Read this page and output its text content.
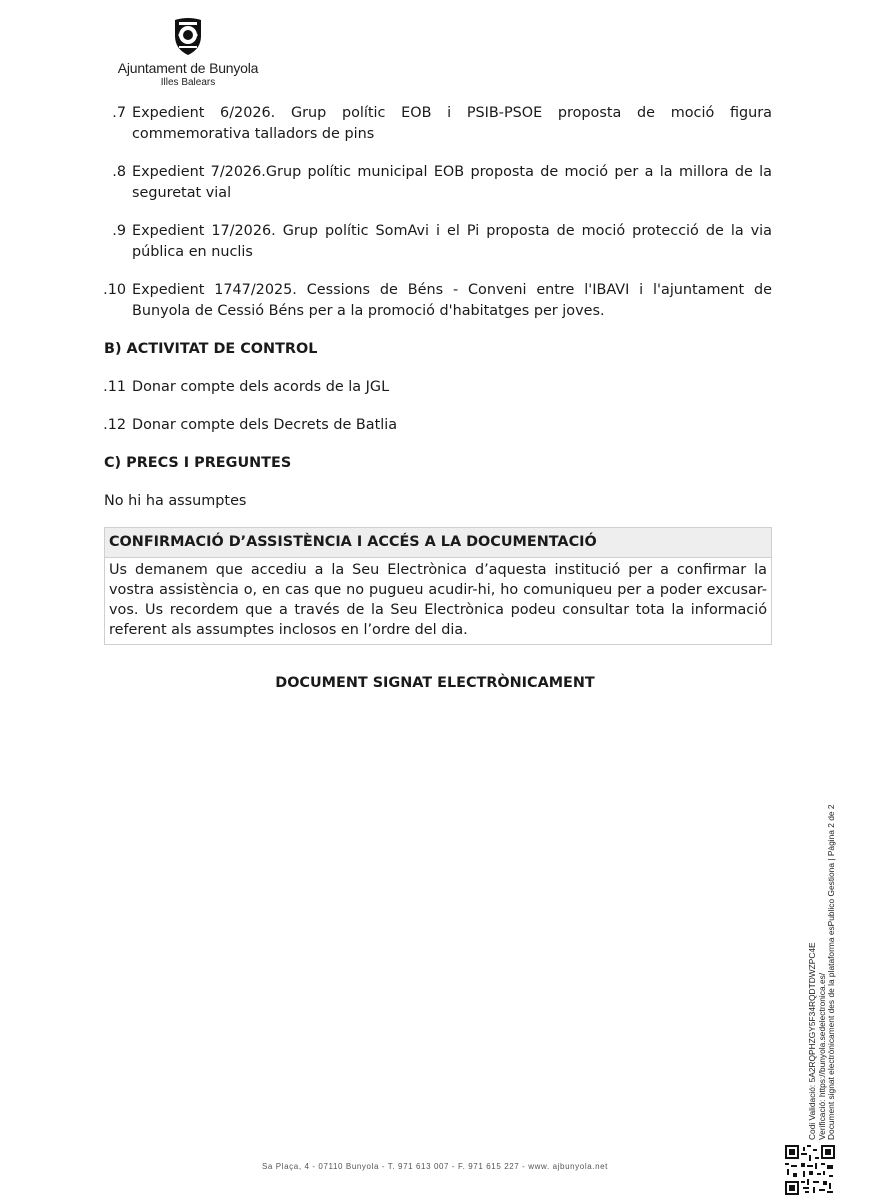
Ajuntament de Bunyola
Illes Balears
7. Expedient 6/2026. Grup polític EOB i PSIB-PSOE proposta de moció figura commemorativa talladors de pins
8. Expedient 7/2026.Grup polític municipal EOB proposta de moció per a la millora de la seguretat vial
9. Expedient 17/2026. Grup polític SomAvi i el Pi proposta de moció protecció de la via pública en nuclis
10. Expedient 1747/2025. Cessions de Béns - Conveni entre l'IBAVI i l'ajuntament de Bunyola de Cessió Béns per a la promoció d'habitatges per joves.
B) ACTIVITAT DE CONTROL
11. Donar compte dels acords de la JGL
12. Donar compte dels Decrets de Batlia
C) PRECS I PREGUNTES
No hi ha assumptes
CONFIRMACIÓ D’ASSISTÈNCIA I ACCÉS A LA DOCUMENTACIÓ
Us demanem que accediu a la Seu Electrònica d’aquesta institució per a confirmar la vostra assistència o, en cas que no pugueu acudir-hi, ho comuniqueu per a poder excusar-vos. Us recordem que a través de la Seu Electrònica podeu consultar tota la informació referent als assumptes inclosos en l’ordre del dia.
DOCUMENT SIGNAT ELECTRÒNICAMENT
Sa Plaça, 4 - 07110 Bunyola - T. 971 613 007 - F. 971 615 227 - www. ajbunyola.net
Codi Validació: 5A2RQPHZGY5F34RQDTDWZPC4E Verificació: https://bunyola.sedelectronica.es/ Document signat electrònicament des de la plataforma esPublico Gestiona | Pàgina 2 de 2
